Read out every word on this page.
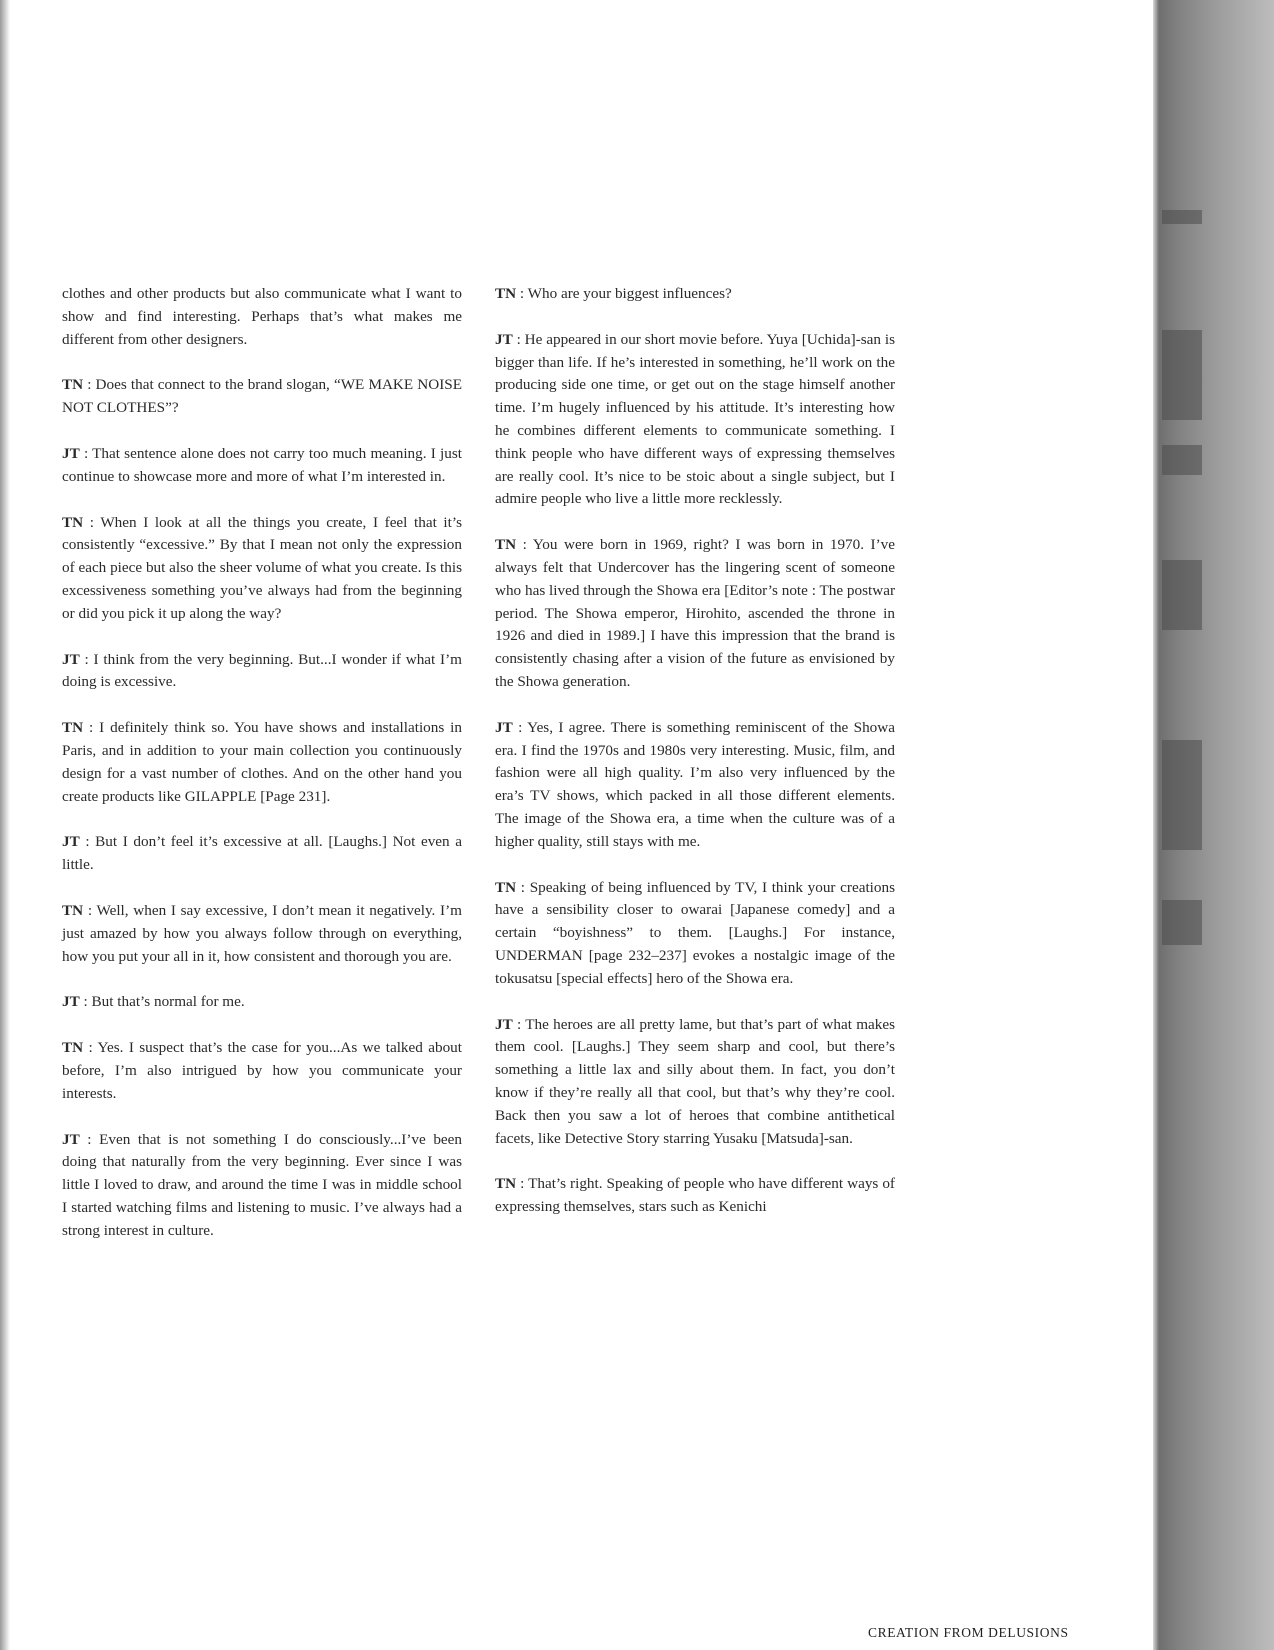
clothes and other products but also communicate what I want to show and find interesting. Perhaps that’s what makes me different from other designers.

TN : Does that connect to the brand slogan, “WE MAKE NOISE NOT CLOTHES”?

JT : That sentence alone does not carry too much meaning. I just continue to showcase more and more of what I’m interested in.

TN : When I look at all the things you create, I feel that it’s consistently “excessive.” By that I mean not only the expression of each piece but also the sheer volume of what you create. Is this excessiveness something you’ve always had from the beginning or did you pick it up along the way?

JT : I think from the very beginning. But...I wonder if what I’m doing is excessive.

TN : I definitely think so. You have shows and installations in Paris, and in addition to your main collection you continuously design for a vast number of clothes. And on the other hand you create products like GILAPPLE [Page 231].

JT : But I don’t feel it’s excessive at all. [Laughs.] Not even a little.

TN : Well, when I say excessive, I don’t mean it negatively. I’m just amazed by how you always follow through on everything, how you put your all in it, how consistent and thorough you are.

JT : But that’s normal for me.

TN : Yes. I suspect that’s the case for you...As we talked about before, I’m also intrigued by how you communicate your interests.

JT : Even that is not something I do consciously...I’ve been doing that naturally from the very beginning. Ever since I was little I loved to draw, and around the time I was in middle school I started watching films and listening to music. I’ve always had a strong interest in culture.

TN : Who are your biggest influences?

JT : He appeared in our short movie before. Yuya [Uchida]-san is bigger than life. If he’s interested in something, he’ll work on the producing side one time, or get out on the stage himself another time. I’m hugely influenced by his attitude. It’s interesting how he combines different elements to communicate something. I think people who have different ways of expressing themselves are really cool. It’s nice to be stoic about a single subject, but I admire people who live a little more recklessly.

TN : You were born in 1969, right? I was born in 1970. I’ve always felt that Undercover has the lingering scent of someone who has lived through the Showa era [Editor’s note : The postwar period. The Showa emperor, Hirohito, ascended the throne in 1926 and died in 1989.] I have this impression that the brand is consistently chasing after a vision of the future as envisioned by the Showa generation.

JT : Yes, I agree. There is something reminiscent of the Showa era. I find the 1970s and 1980s very interesting. Music, film, and fashion were all high quality. I’m also very influenced by the era’s TV shows, which packed in all those different elements. The image of the Showa era, a time when the culture was of a higher quality, still stays with me.

TN : Speaking of being influenced by TV, I think your creations have a sensibility closer to owarai [Japanese comedy] and a certain “boyishness” to them. [Laughs.] For instance, UNDERMAN [page 232–237] evokes a nostalgic image of the tokusatsu [special effects] hero of the Showa era.

JT : The heroes are all pretty lame, but that’s part of what makes them cool. [Laughs.] They seem sharp and cool, but there’s something a little lax and silly about them. In fact, you don’t know if they’re really all that cool, but that’s why they’re cool. Back then you saw a lot of heroes that combine antithetical facets, like Detective Story starring Yusaku [Matsuda]-san.

TN : That’s right. Speaking of people who have different ways of expressing themselves, stars such as Kenichi

CREATION FROM DELUSIONS
